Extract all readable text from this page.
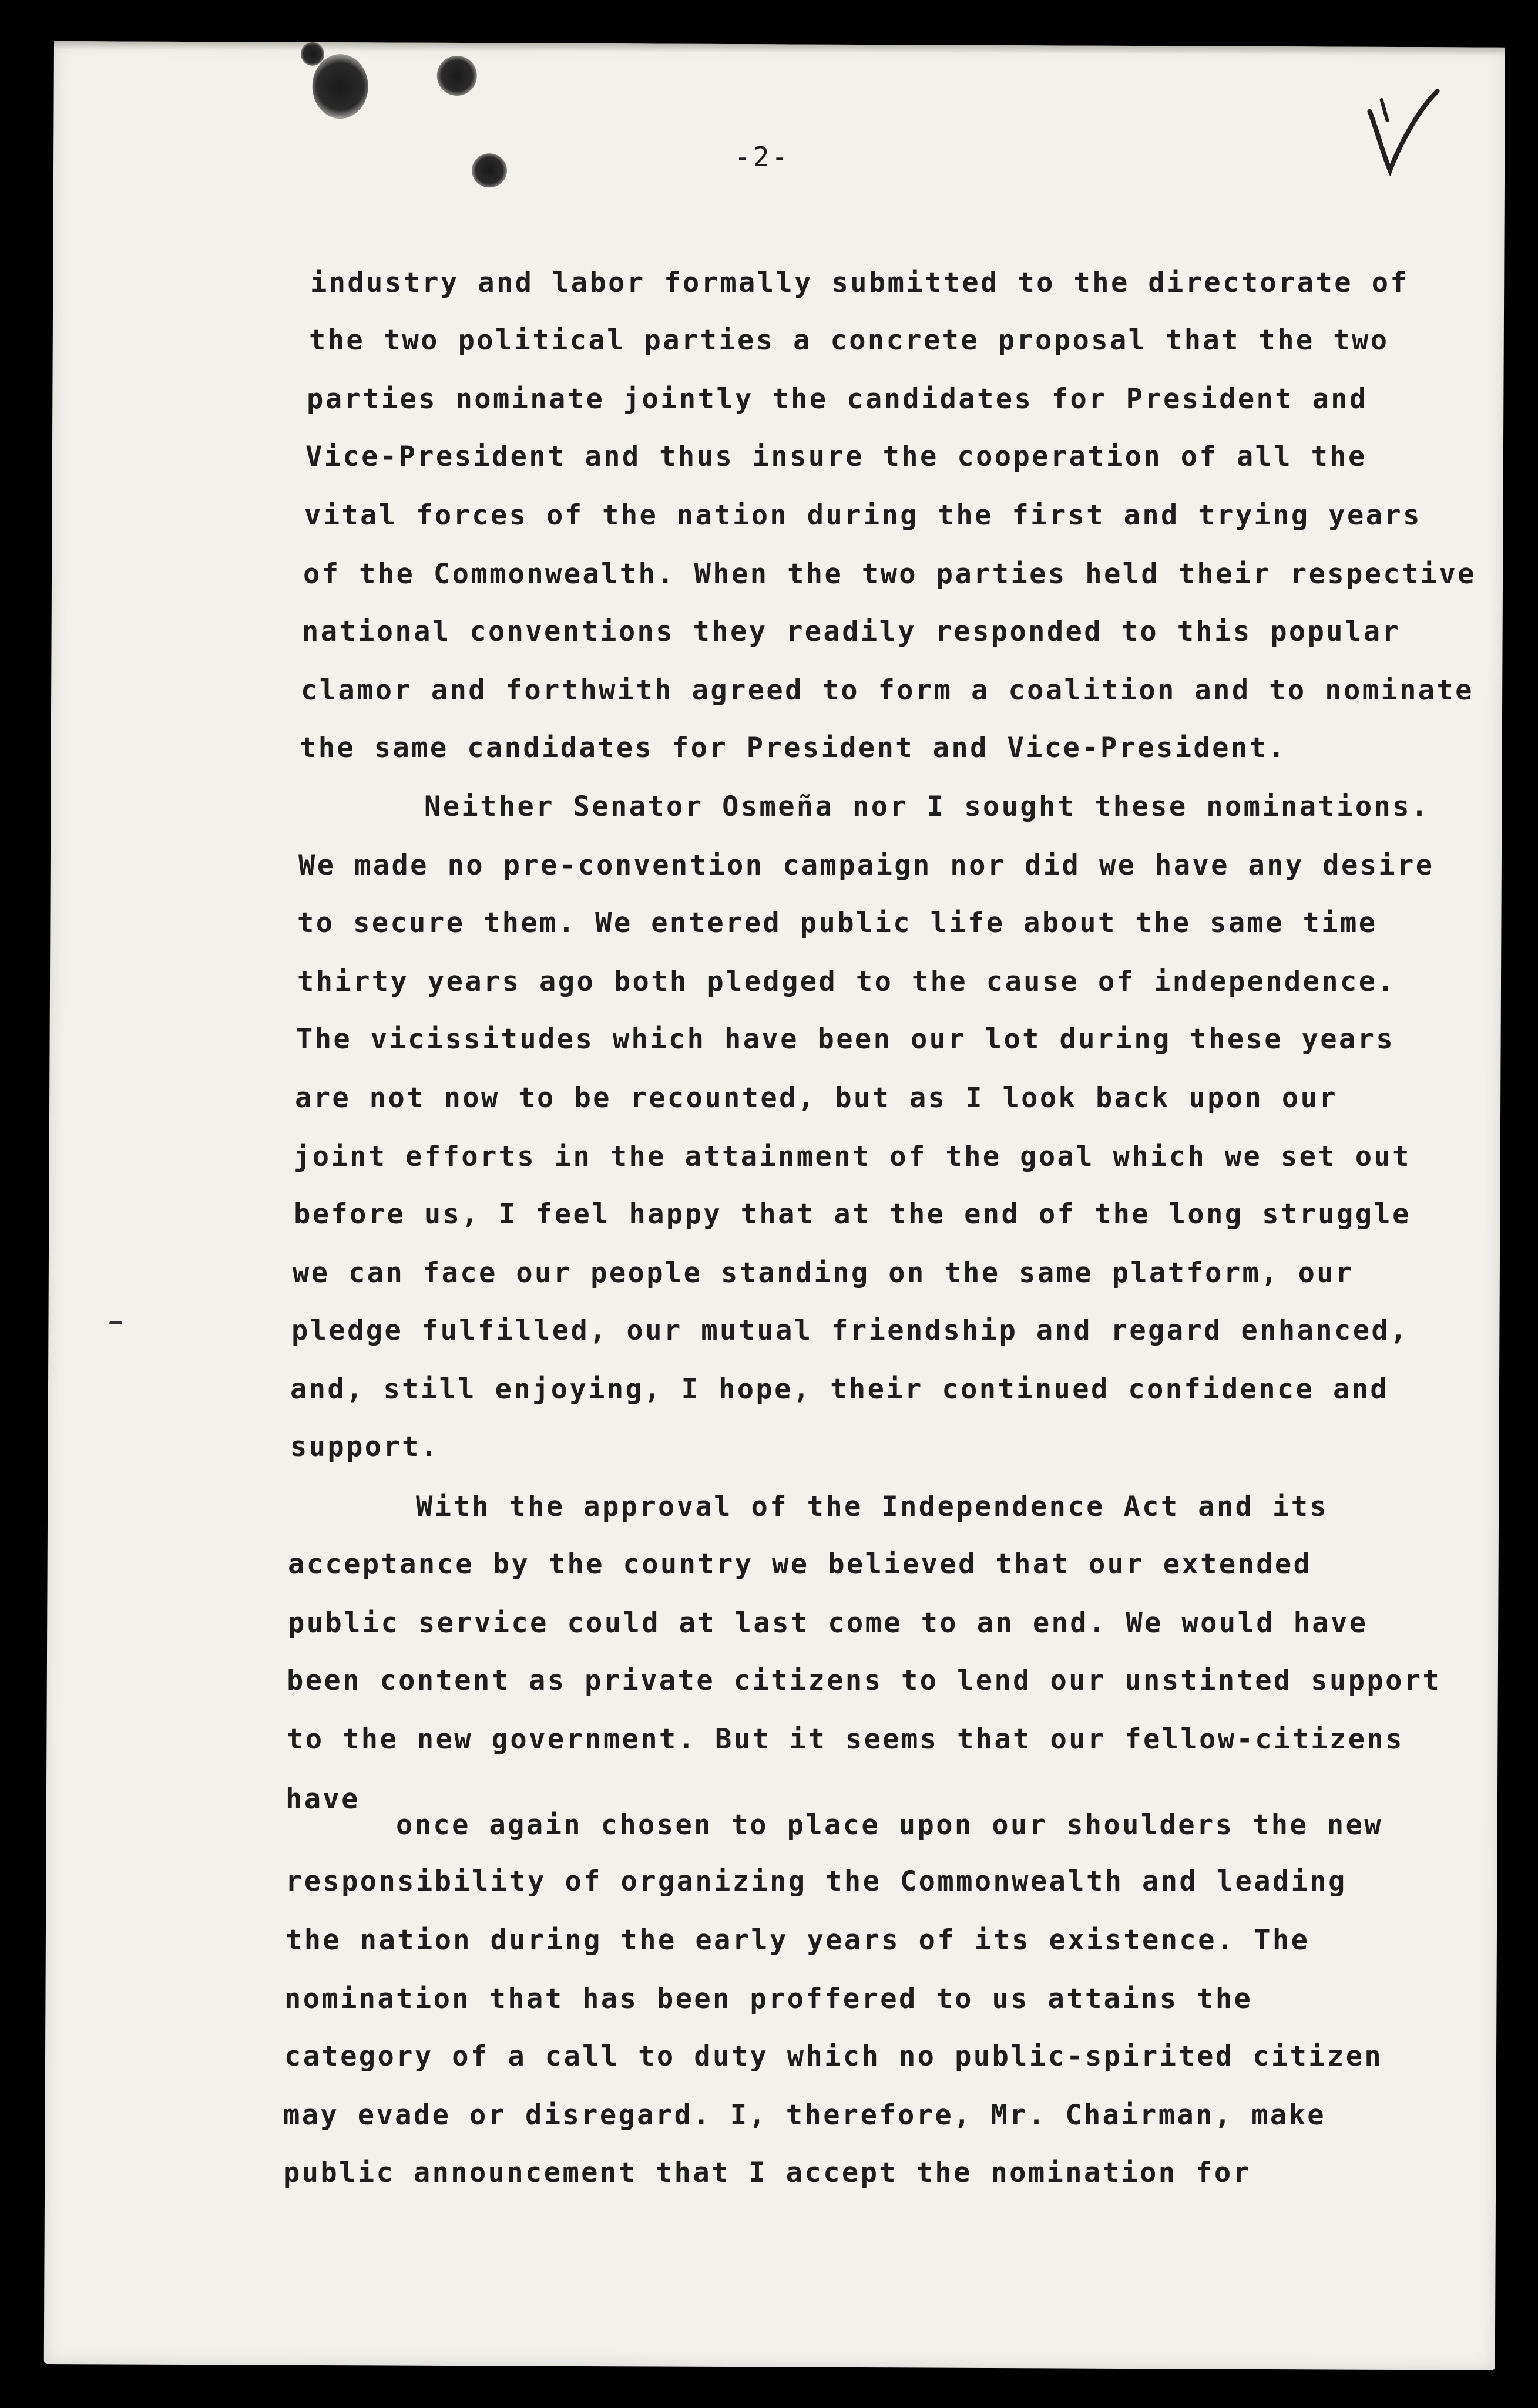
-2-
industry and labor formally submitted to the directorate of
the two political parties a concrete proposal that the two
parties nominate jointly the candidates for President and
Vice-President and thus insure the cooperation of all the
vital forces of the nation during the first and trying years
of the Commonwealth. When the two parties held their respective
national conventions they readily responded to this popular
clamor and forthwith agreed to form a coalition and to nominate
the same candidates for President and Vice-President.
Neither Senator Osmeña nor I sought these nominations.
We made no pre-convention campaign nor did we have any desire
to secure them. We entered public life about the same time
thirty years ago both pledged to the cause of independence.
The vicissitudes which have been our lot during these years
are not now to be recounted, but as I look back upon our
joint efforts in the attainment of the goal which we set out
before us, I feel happy that at the end of the long struggle
we can face our people standing on the same platform, our
pledge fulfilled, our mutual friendship and regard enhanced,
and, still enjoying, I hope, their continued confidence and
support.
With the approval of the Independence Act and its
acceptance by the country we believed that our extended
public service could at last come to an end. We would have
been content as private citizens to lend our unstinted support
to the new government. But it seems that our fellow-citizens
have
once again chosen to place upon our shoulders the new
responsibility of organizing the Commonwealth and leading
the nation during the early years of its existence. The
nomination that has been proffered to us attains the
category of a call to duty which no public-spirited citizen
may evade or disregard. I, therefore, Mr. Chairman, make
public announcement that I accept the nomination for
